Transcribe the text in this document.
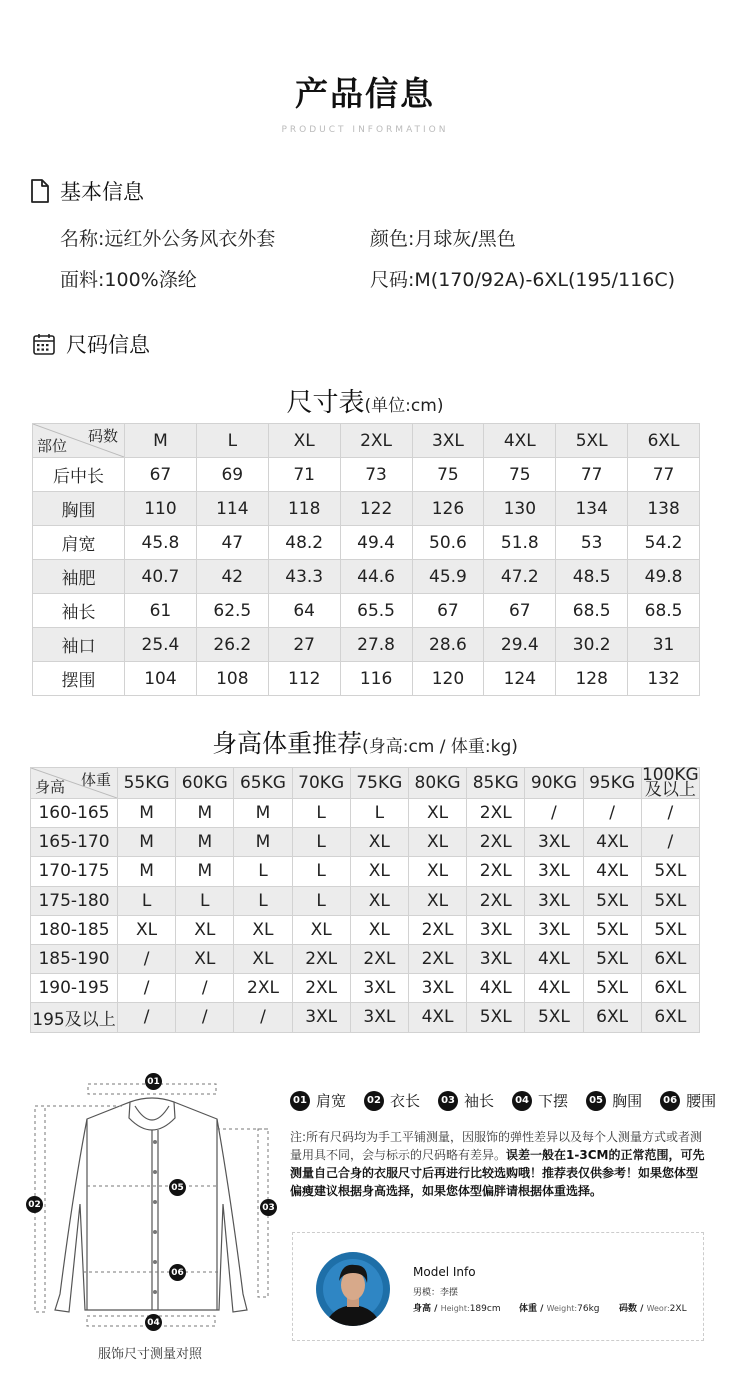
产品信息
PRODUCT INFORMATION
基本信息
名称:远红外公务风衣外套	颜色:月球灰/黑色
面料:100%涤纶	尺码:M(170/92A)-6XL(195/116C)
尺码信息
尺寸表(单位:cm)
码数
部位	M	L	XL	2XL	3XL	4XL	5XL	6XL
后中长	67	69	71	73	75	75	77	77
胸围	110	114	118	122	126	130	134	138
肩宽	45.8	47	48.2	49.4	50.6	51.8	53	54.2
袖肥	40.7	42	43.3	44.6	45.9	47.2	48.5	49.8
袖长	61	62.5	64	65.5	67	67	68.5	68.5
袖口	25.4	26.2	27	27.8	28.6	29.4	30.2	31
摆围	104	108	112	116	120	124	128	132
身高体重推荐(身高:cm / 体重:kg)
体重
身高	55KG	60KG	65KG	70KG	75KG	80KG	85KG	90KG	95KG	100KG
及以上
160-165	M	M	M	L	L	XL	2XL	/	/	/
165-170	M	M	M	L	XL	XL	2XL	3XL	4XL	/
170-175	M	M	L	L	XL	XL	2XL	3XL	4XL	5XL
175-180	L	L	L	L	XL	XL	2XL	3XL	5XL	5XL
180-185	XL	XL	XL	XL	XL	2XL	3XL	3XL	5XL	5XL
185-190	/	XL	XL	2XL	2XL	2XL	3XL	4XL	5XL	6XL
190-195	/	/	2XL	2XL	3XL	3XL	4XL	4XL	5XL	6XL
195及以上	/	/	/	3XL	3XL	4XL	5XL	5XL	6XL	6XL
01
02	03
04
05
06
服饰尺寸测量对照
01 肩宽	02 衣长	03 袖长	04 下摆	05 胸围	06 腰围
注:所有尺码均为手工平铺测量，因服饰的弹性差异以及每个人测量方式或者测量用具不同，会与标示的尺码略有差异。误差一般在1-3CM的正常范围，可先测量自己合身的衣服尺寸后再进行比较选购哦！推荐表仅供参考！如果您体型偏瘦建议根据身高选择，如果您体型偏胖请根据体重选择。
Model Info
男模：李摆
身高 / Height:189cm 体重 / Weight:76kg 码数 / Weor:2XL
